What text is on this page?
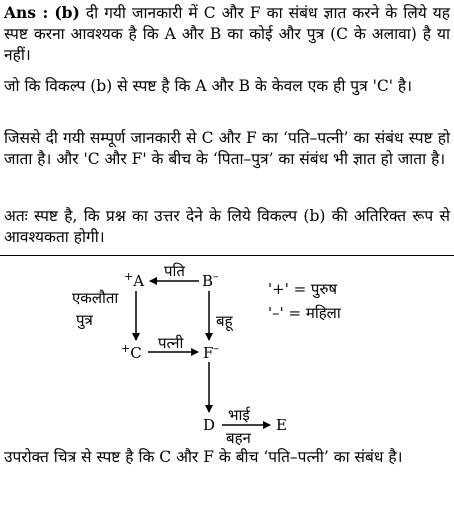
Ans : (b) दी गयी जानकारी में C और F का संबंध ज्ञात करने के लिये यह स्पष्ट करना आवश्यक है कि A और B का कोई और पुत्र (C के अलावा) है या नहीं।
जो कि विकल्प (b) से स्पष्ट है कि A और B के केवल एक ही पुत्र 'C' है।
जिससे दी गयी सम्पूर्ण जानकारी से C और F का ‘पति–पत्नी’ का संबंध स्पष्ट हो जाता है। और 'C और F' के बीच के ‘पिता–पुत्र’ का संबंध भी ज्ञात हो जाता है।
अतः स्पष्ट है, कि प्रश्न का उत्तर देने के लिये विकल्प (b) की अतिरिक्त रूप से आवश्यकता होगी।
+A	B–
+C	F–
D	E
पति
एकलौता
पुत्र	बहू
पत्नी
भाई
बहन
'+' = पुरुष
'–' = महिला
उपरोक्त चित्र से स्पष्ट है कि C और F के बीच ‘पति–पत्नी’ का संबंध है।
